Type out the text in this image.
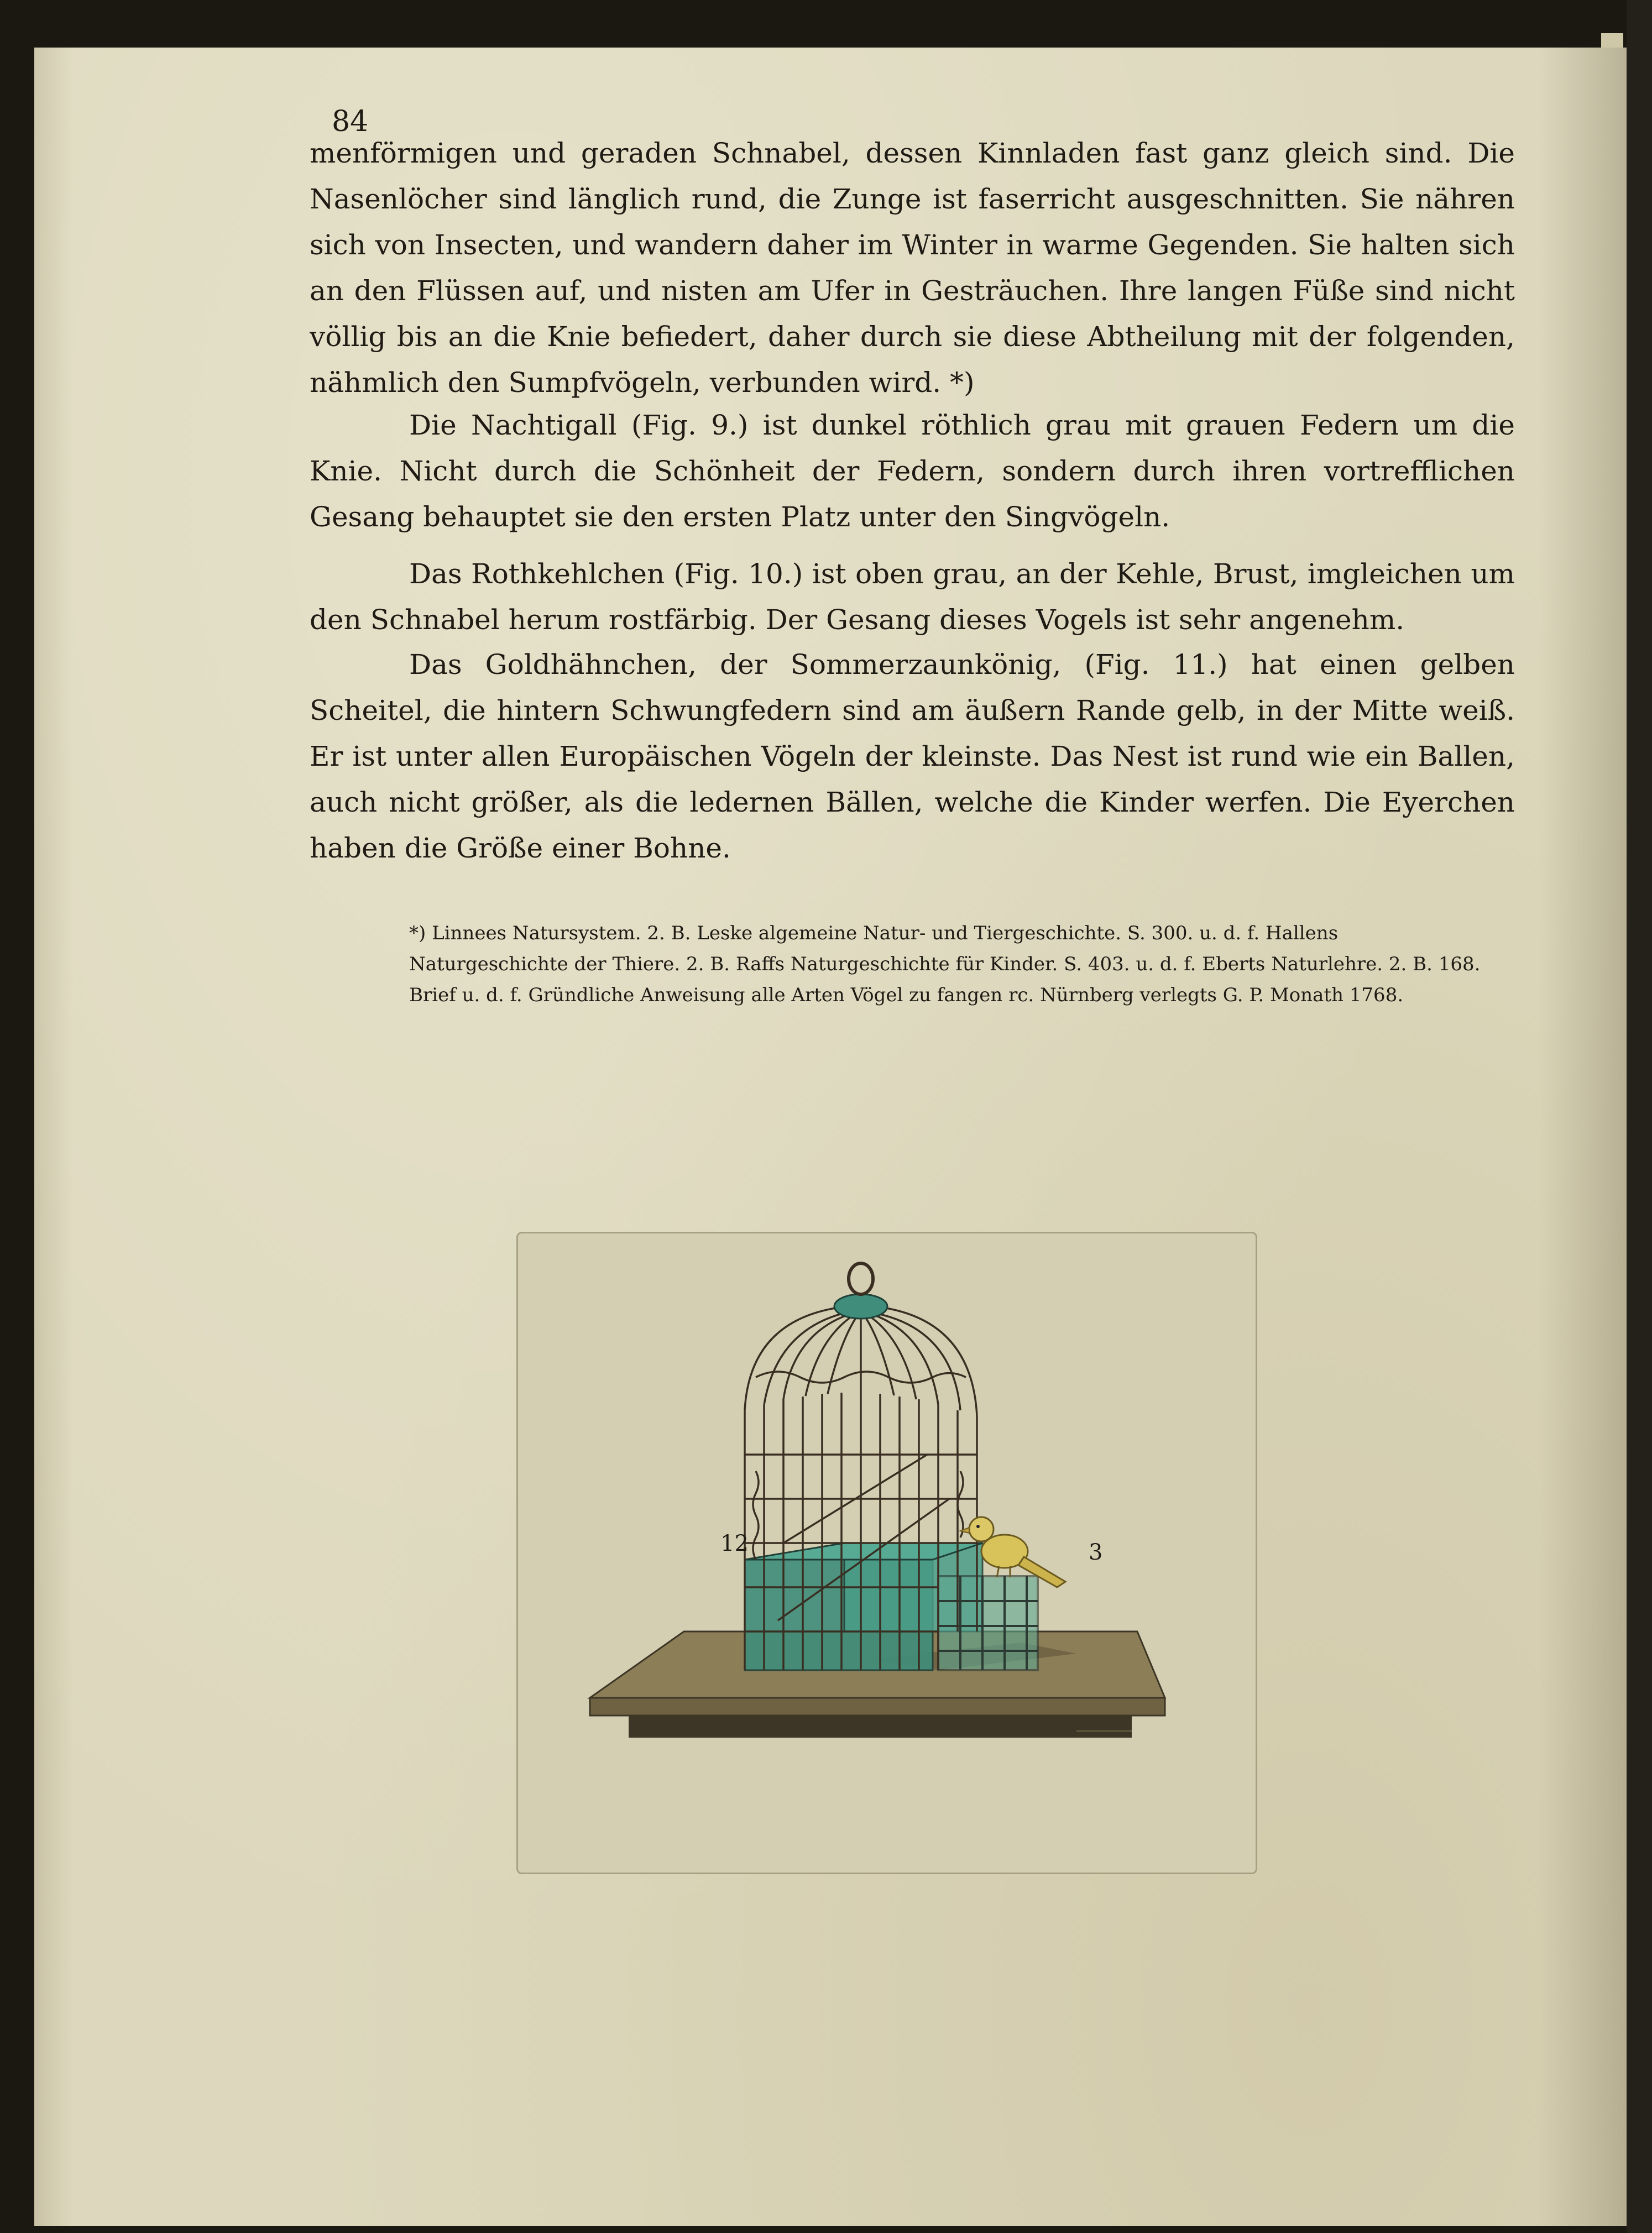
84

menförmigen und geraden Schnabel, dessen Kinnladen fast ganz gleich sind. Die Nasenlöcher sind länglich rund, die Zunge ist faserricht ausgeschnitten. Sie nähren sich von Insecten, und wandern daher im Winter in warme Gegenden. Sie halten sich an den Flüssen auf, und nisten am Ufer in Gesträuchen. Ihre langen Füße sind nicht völlig bis an die Knie befiedert, daher durch sie diese Abtheilung mit der folgenden, nähmlich den Sumpfvögeln, verbunden wird. *)

Die Nachtigall (Fig. 9.) ist dunkel röthlich grau mit grauen Federn um die Knie. Nicht durch die Schönheit der Federn, sondern durch ihren vortrefflichen Gesang behauptet sie den ersten Platz unter den Singvögeln.

Das Rothkehlchen (Fig. 10.) ist oben grau, an der Kehle, Brust, imgleichen um den Schnabel herum rostfärbig. Der Gesang dieses Vogels ist sehr angenehm.

Das Goldhähnchen, der Sommerzaunkönig, (Fig. 11.) hat einen gelben Scheitel, die hintern Schwungfedern sind am äußern Rande gelb, in der Mitte weiß. Er ist unter allen Europäischen Vögeln der kleinste. Das Nest ist rund wie ein Ballen, auch nicht größer, als die ledernen Bällen, welche die Kinder werfen. Die Eyerchen haben die Größe einer Bohne.

*) Linnees Natursystem. 2. B. Leske algemeine Natur- und Tiergeschichte. S. 300. u. d. f. Hallens Naturgeschichte der Thiere. 2. B. Raffs Naturgeschichte für Kinder. S. 403. u. d. f. Eberts Naturlehre. 2. B. 168. Brief u. d. f. Gründliche Anweisung alle Arten Vögel zu fangen rc. Nürnberg verlegts G. P. Monath 1768.

12	3
